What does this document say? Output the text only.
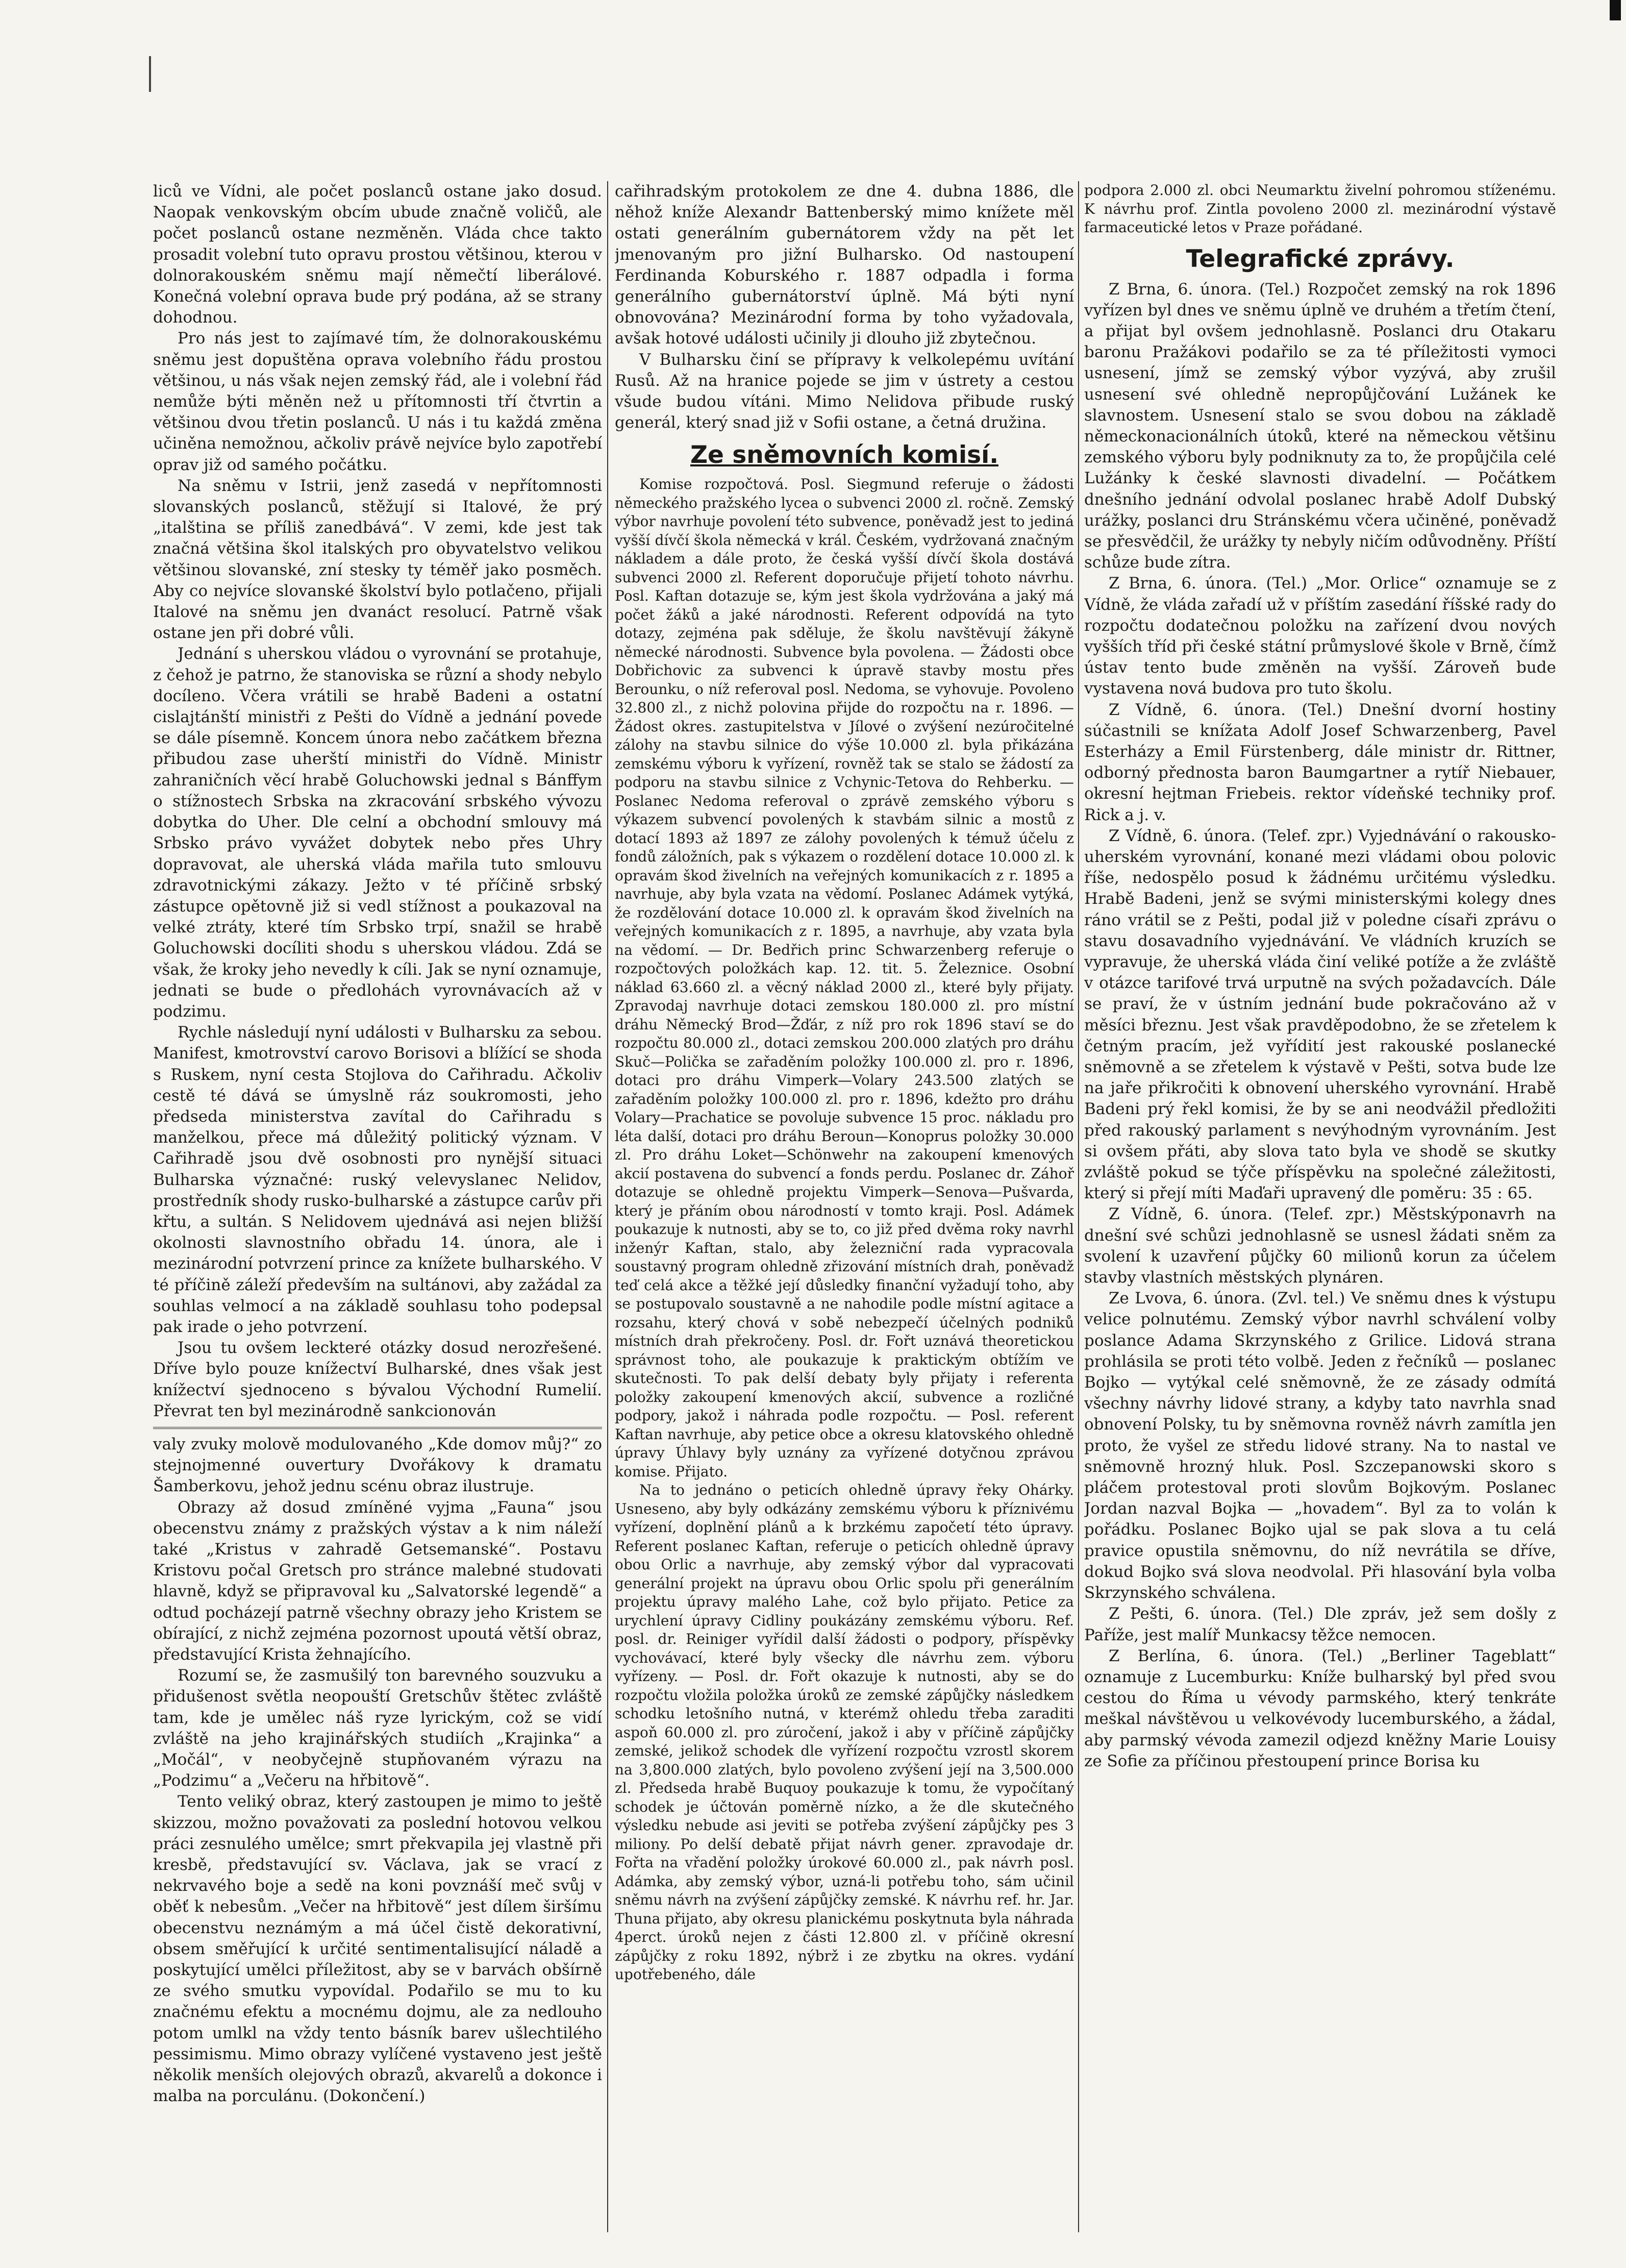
liců ve Vídni, ale počet poslanců ostane jako dosud. Naopak venkovským obcím ubude značně voličů, ale počet poslanců ostane nezměněn. Vláda chce takto prosadit volební tuto opravu prostou většinou, kterou v dolnorakouském sněmu mají němečtí liberálové. Konečná volební oprava bude prý podána, až se strany dohodnou.

Pro nás jest to zajímavé tím, že dolnorakouskému sněmu jest dopuštěna oprava volebního řádu prostou většinou, u nás však nejen zemský řád, ale i volební řád nemůže býti měněn než u přítomnosti tří čtvrtin a většinou dvou třetin poslanců. U nás i tu každá změna učiněna nemožnou, ačkoliv právě nejvíce bylo zapotřebí oprav již od samého počátku.

Na sněmu v Istrii, jenž zasedá v nepřítomnosti slovanských poslanců, stěžují si Italové, že prý „italština se příliš zanedbává“. V zemi, kde jest tak značná většina škol italských pro obyvatelstvo velikou většinou slovanské, zní stesky ty téměř jako posměch. Aby co nejvíce slovanské školství bylo potlačeno, přijali Italové na sněmu jen dvanáct resolucí. Patrně však ostane jen při dobré vůli.

Jednání s uherskou vládou o vyrovnání se protahuje, z čehož je patrno, že stanoviska se různí a shody nebylo docíleno. Včera vrátili se hrabě Badeni a ostatní cislajtánští ministři z Pešti do Vídně a jednání povede se dále písemně. Koncem února nebo začátkem března přibudou zase uherští ministři do Vídně. Ministr zahraničních věcí hrabě Goluchowski jednal s Bánffym o stížnostech Srbska na zkracování srbského vývozu dobytka do Uher. Dle celní a obchodní smlouvy má Srbsko právo vyvážet dobytek nebo přes Uhry dopravovat, ale uherská vláda mařila tuto smlouvu zdravotnickými zákazy. Ježto v té příčině srbský zástupce opětovně již si vedl stížnost a poukazoval na velké ztráty, které tím Srbsko trpí, snažil se hrabě Goluchowski docíliti shodu s uherskou vládou. Zdá se však, že kroky jeho nevedly k cíli. Jak se nyní oznamuje, jednati se bude o předlohách vyrovnávacích až v podzimu.

Rychle následují nyní události v Bulharsku za sebou. Manifest, kmotrovství carovo Borisovi a blížící se shoda s Ruskem, nyní cesta Stojlova do Cařihradu. Ačkoliv cestě té dává se úmyslně ráz soukromosti, jeho předseda ministerstva zavítal do Cařihradu s manželkou, přece má důležitý politický význam. V Cařihradě jsou dvě osobnosti pro nynější situaci Bulharska význačné: ruský velevyslanec Nelidov, prostředník shody rusko-bulharské a zástupce carův při křtu, a sultán. S Nelidovem ujednává asi nejen bližší okolnosti slavnostního obřadu 14. února, ale i mezinárodní potvrzení prince za knížete bulharského. V té příčině záleží především na sultánovi, aby zažádal za souhlas velmocí a na základě souhlasu toho podepsal pak irade o jeho potvrzení.

Jsou tu ovšem leckteré otázky dosud nerozřešené. Dříve bylo pouze knížectví Bulharské, dnes však jest knížectví sjednoceno s bývalou Východní Rumelií. Převrat ten byl mezinárodně sankcionován

valy zvuky molově modulovaného „Kde domov můj?“ zo stejnojmenné ouvertury Dvořákovy k dramatu Šamberkovu, jehož jednu scénu obraz ilustruje.

Obrazy až dosud zmíněné vyjma „Fauna“ jsou obecenstvu známy z pražských výstav a k nim náleží také „Kristus v zahradě Getsemanské“. Postavu Kristovu počal Gretsch pro stránce malebné studovati hlavně, když se připravoval ku „Salvatorské legendě“ a odtud pocházejí patrně všechny obrazy jeho Kristem se obírající, z nichž zejména pozornost upoutá větší obraz, představující Krista žehnajícího.

Rozumí se, že zasmušilý ton barevného souzvuku a přidušenost světla neopouští Gretschův štětec zvláště tam, kde je umělec náš ryze lyrickým, což se vidí zvláště na jeho krajinářských studiích „Krajinka“ a „Močál“, v neobyčejně stupňovaném výrazu na „Podzimu“ a „Večeru na hřbitově“.

Tento veliký obraz, který zastoupen je mimo to ještě skizzou, možno považovati za poslední hotovou velkou práci zesnulého umělce; smrt překvapila jej vlastně při kresbě, představující sv. Václava, jak se vrací z nekrvavého boje a sedě na koni povznáší meč svůj v oběť k nebesům. „Večer na hřbitově“ jest dílem širšímu obecenstvu neznámým a má účel čistě dekorativní, obsem směřující k určité sentimentalisující náladě a poskytující umělci příležitost, aby se v barvách obšírně ze svého smutku vypovídal. Podařilo se mu to ku značnému efektu a mocnému dojmu, ale za nedlouho potom umlkl na vždy tento básník barev ušlechtilého pessimismu. Mimo obrazy vylíčené vystaveno jest ještě několik menších olejových obrazů, akvarelů a dokonce i malba na porculánu. (Dokončení.)

cařihradským protokolem ze dne 4. dubna 1886, dle něhož kníže Alexandr Battenberský mimo knížete měl ostati generálním gubernátorem vždy na pět let jmenovaným pro jižní Bulharsko. Od nastoupení Ferdinanda Koburského r. 1887 odpadla i forma generálního gubernátorství úplně. Má býti nyní obnovována? Mezinárodní forma by toho vyžadovala, avšak hotové události učinily ji dlouho již zbytečnou.

V Bulharsku činí se přípravy k velkolepému uvítání Rusů. Až na hranice pojede se jim v ústrety a cestou všude budou vítáni. Mimo Nelidova přibude ruský generál, který snad již v Sofii ostane, a četná družina.

Ze sněmovních komisí.

Komise rozpočtová. Posl. Siegmund referuje o žádosti německého pražského lycea o subvenci 2000 zl. ročně. Zemský výbor navrhuje povolení této subvence, poněvadž jest to jediná vyšší dívčí škola německá v král. Českém, vydržovaná značným nákladem a dále proto, že česká vyšší dívčí škola dostává subvenci 2000 zl. Referent doporučuje přijetí tohoto návrhu. Posl. Kaftan dotazuje se, kým jest škola vydržována a jaký má počet žáků a jaké národnosti. Referent odpovídá na tyto dotazy, zejména pak sděluje, že školu navštěvují žákyně německé národnosti. Subvence byla povolena. — Žádosti obce Dobřichovic za subvenci k úpravě stavby mostu přes Berounku, o níž referoval posl. Nedoma, se vyhovuje. Povoleno 32.800 zl., z nichž polovina přijde do rozpočtu na r. 1896. — Žádost okres. zastupitelstva v Jílové o zvýšení nezúročitelné zálohy na stavbu silnice do výše 10.000 zl. byla přikázána zemskému výboru k vyřízení, rovněž tak se stalo se žádostí za podporu na stavbu silnice z Vchynic-Tetova do Rehberku. — Poslanec Nedoma referoval o zprávě zemského výboru s výkazem subvencí povolených k stavbám silnic a mostů z dotací 1893 až 1897 ze zálohy povolených k témuž účelu z fondů záložních, pak s výkazem o rozdělení dotace 10.000 zl. k opravám škod živelních na veřejných komunikacích z r. 1895 a navrhuje, aby byla vzata na vědomí. Poslanec Adámek vytýká, že rozdělování dotace 10.000 zl. k opravám škod živelních na veřejných komunikacích z r. 1895, a navrhuje, aby vzata byla na vědomí. — Dr. Bedřich princ Schwarzenberg referuje o rozpočtových položkách kap. 12. tit. 5. Železnice. Osobní náklad 63.660 zl. a věcný náklad 2000 zl., které byly přijaty. Zpravodaj navrhuje dotaci zemskou 180.000 zl. pro místní dráhu Německý Brod—Žďár, z níž pro rok 1896 staví se do rozpočtu 80.000 zl., dotaci zemskou 200.000 zlatých pro dráhu Skuč—Polička se zařaděním položky 100.000 zl. pro r. 1896, dotaci pro dráhu Vimperk—Volary 243.500 zlatých se zařaděním položky 100.000 zl. pro r. 1896, kdežto pro dráhu Volary—Prachatice se povoluje subvence 15 proc. nákladu pro léta další, dotaci pro dráhu Beroun—Konoprus položky 30.000 zl. Pro dráhu Loket—Schönwehr na zakoupení kmenových akcií postavena do subvencí a fonds perdu. Poslanec dr. Záhoř dotazuje se ohledně projektu Vimperk—Senova—Pušvarda, který je přáním obou národností v tomto kraji. Posl. Adámek poukazuje k nutnosti, aby se to, co již před dvěma roky navrhl inženýr Kaftan, stalo, aby železniční rada vypracovala soustavný program ohledně zřizování místních drah, poněvadž teď celá akce a těžké její důsledky finanční vyžadují toho, aby se postupovalo soustavně a ne nahodile podle místní agitace a rozsahu, který chová v sobě nebezpečí účelných podniků místních drah překročeny. Posl. dr. Fořt uznává theoretickou správnost toho, ale poukazuje k praktickým obtížím ve skutečnosti. To pak delší debaty byly přijaty i referenta položky zakoupení kmenových akcií, subvence a rozličné podpory, jakož i náhrada podle rozpočtu. — Posl. referent Kaftan navrhuje, aby petice obce a okresu klatovského ohledně úpravy Úhlavy byly uznány za vyřízené dotyčnou zprávou komise. Přijato.

Na to jednáno o peticích ohledně úpravy řeky Ohárky. Usneseno, aby byly odkázány zemskému výboru k příznivému vyřízení, doplnění plánů a k brzkému započetí této úpravy. Referent poslanec Kaftan, referuje o peticích ohledně úpravy obou Orlic a navrhuje, aby zemský výbor dal vypracovati generální projekt na úpravu obou Orlic spolu při generálním projektu úpravy malého Lahe, což bylo přijato. Petice za urychlení úpravy Cidliny poukázány zemskému výboru. Ref. posl. dr. Reiniger vyřídil další žádosti o podpory, příspěvky vychovávací, které byly všecky dle návrhu zem. výboru vyřízeny. — Posl. dr. Fořt okazuje k nutnosti, aby se do rozpočtu vložila položka úroků ze zemské zápůjčky následkem schodku letošního nutná, v kterémž ohledu třeba zaraditi aspoň 60.000 zl. pro zúročení, jakož i aby v příčině zápůjčky zemské, jelikož schodek dle vyřízení rozpočtu vzrostl skorem na 3,800.000 zlatých, bylo povoleno zvýšení její na 3,500.000 zl. Předseda hrabě Buquoy poukazuje k tomu, že vypočítaný schodek je účtován poměrně nízko, a že dle skutečného výsledku nebude asi jeviti se potřeba zvýšení zápůjčky pes 3 miliony. Po delší debatě přijat návrh gener. zpravodaje dr. Fořta na vřadění položky úrokové 60.000 zl., pak návrh posl. Adámka, aby zemský výbor, uzná-li potřebu toho, sám učinil sněmu návrh na zvýšení zápůjčky zemské. K návrhu ref. hr. Jar. Thuna přijato, aby okresu planickému poskytnuta byla náhrada 4perct. úroků nejen z části 12.800 zl. v příčině okresní zápůjčky z roku 1892, nýbrž i ze zbytku na okres. vydání upotřebeného, dále

podpora 2.000 zl. obci Neumarktu živelní pohromou stíženému. K návrhu prof. Zintla povoleno 2000 zl. mezinárodní výstavě farmaceutické letos v Praze pořádané.

Telegrafické zprávy.

Z Brna, 6. února. (Tel.) Rozpočet zemský na rok 1896 vyřízen byl dnes ve sněmu úplně ve druhém a třetím čtení, a přijat byl ovšem jednohlasně. Poslanci dru Otakaru baronu Pražákovi podařilo se za té příležitosti vymoci usnesení, jímž se zemský výbor vyzývá, aby zrušil usnesení své ohledně nepropůjčování Lužánek ke slavnostem. Usnesení stalo se svou dobou na základě německonacionálních útoků, které na německou většinu zemského výboru byly podniknuty za to, že propůjčila celé Lužánky k české slavnosti divadelní. — Počátkem dnešního jednání odvolal poslanec hrabě Adolf Dubský urážky, poslanci dru Stránskému včera učiněné, poněvadž se přesvědčil, že urážky ty nebyly ničím odůvodněny. Příští schůze bude zítra.

Z Brna, 6. února. (Tel.) „Mor. Orlice“ oznamuje se z Vídně, že vláda zařadí už v příštím zasedání říšské rady do rozpočtu dodatečnou položku na zařízení dvou nových vyšších tříd při české státní průmyslové škole v Brně, čímž ústav tento bude změněn na vyšší. Zároveň bude vystavena nová budova pro tuto školu.

Z Vídně, 6. února. (Tel.) Dnešní dvorní hostiny súčastnili se knížata Adolf Josef Schwarzenberg, Pavel Esterházy a Emil Fürstenberg, dále ministr dr. Rittner, odborný přednosta baron Baumgartner a rytíř Niebauer, okresní hejtman Friebeis. rektor vídeňské techniky prof. Rick a j. v.

Z Vídně, 6. února. (Telef. zpr.) Vyjednávání o rakousko-uherském vyrovnání, konané mezi vládami obou polovic říše, nedospělo posud k žádnému určitému výsledku. Hrabě Badeni, jenž se svými ministerskými kolegy dnes ráno vrátil se z Pešti, podal již v poledne císaři zprávu o stavu dosavadního vyjednávání. Ve vládních kruzích se vypravuje, že uherská vláda činí veliké potíže a že zvláště v otázce tarifové trvá urputně na svých požadavcích. Dále se praví, že v ústním jednání bude pokračováno až v měsíci březnu. Jest však pravděpodobno, že se zřetelem k četným pracím, jež vyřídití jest rakouské poslanecké sněmovně a se zřetelem k výstavě v Pešti, sotva bude lze na jaře přikročiti k obnovení uherského vyrovnání. Hrabě Badeni prý řekl komisi, že by se ani neodvážil předložiti před rakouský parlament s nevýhodným vyrovnáním. Jest si ovšem přáti, aby slova tato byla ve shodě se skutky zvláště pokud se týče příspěvku na společné záležitosti, který si přejí míti Maďaři upravený dle poměru: 35 : 65.

Z Vídně, 6. února. (Telef. zpr.) Městskýponavrh na dnešní své schůzi jednohlasně se usnesl žádati sněm za svolení k uzavření půjčky 60 milionů korun za účelem stavby vlastních městských plynáren.

Ze Lvova, 6. února. (Zvl. tel.) Ve sněmu dnes k výstupu velice polnutému. Zemský výbor navrhl schválení volby poslance Adama Skrzynského z Grilice. Lidová strana prohlásila se proti této volbě. Jeden z řečníků — poslanec Bojko — vytýkal celé sněmovně, že ze zásady odmítá všechny návrhy lidové strany, a kdyby tato navrhla snad obnovení Polsky, tu by sněmovna rovněž návrh zamítla jen proto, že vyšel ze středu lidové strany. Na to nastal ve sněmovně hrozný hluk. Posl. Szczepanowski skoro s pláčem protestoval proti slovům Bojkovým. Poslanec Jordan nazval Bojka — „hovadem“. Byl za to volán k pořádku. Poslanec Bojko ujal se pak slova a tu celá pravice opustila sněmovnu, do níž nevrátila se dříve, dokud Bojko svá slova neodvolal. Při hlasování byla volba Skrzynského schválena.

Z Pešti, 6. února. (Tel.) Dle zpráv, jež sem došly z Paříže, jest malíř Munkacsy těžce nemocen.

Z Berlína, 6. února. (Tel.) „Berliner Tageblatt“ oznamuje z Lucemburku: Kníže bulharský byl před svou cestou do Říma u vévody parmského, který tenkráte meškal návštěvou u velkovévody lucemburského, a žádal, aby parmský vévoda zamezil odjezd kněžny Marie Louisy ze Sofie za příčinou přestoupení prince Borisa ku
